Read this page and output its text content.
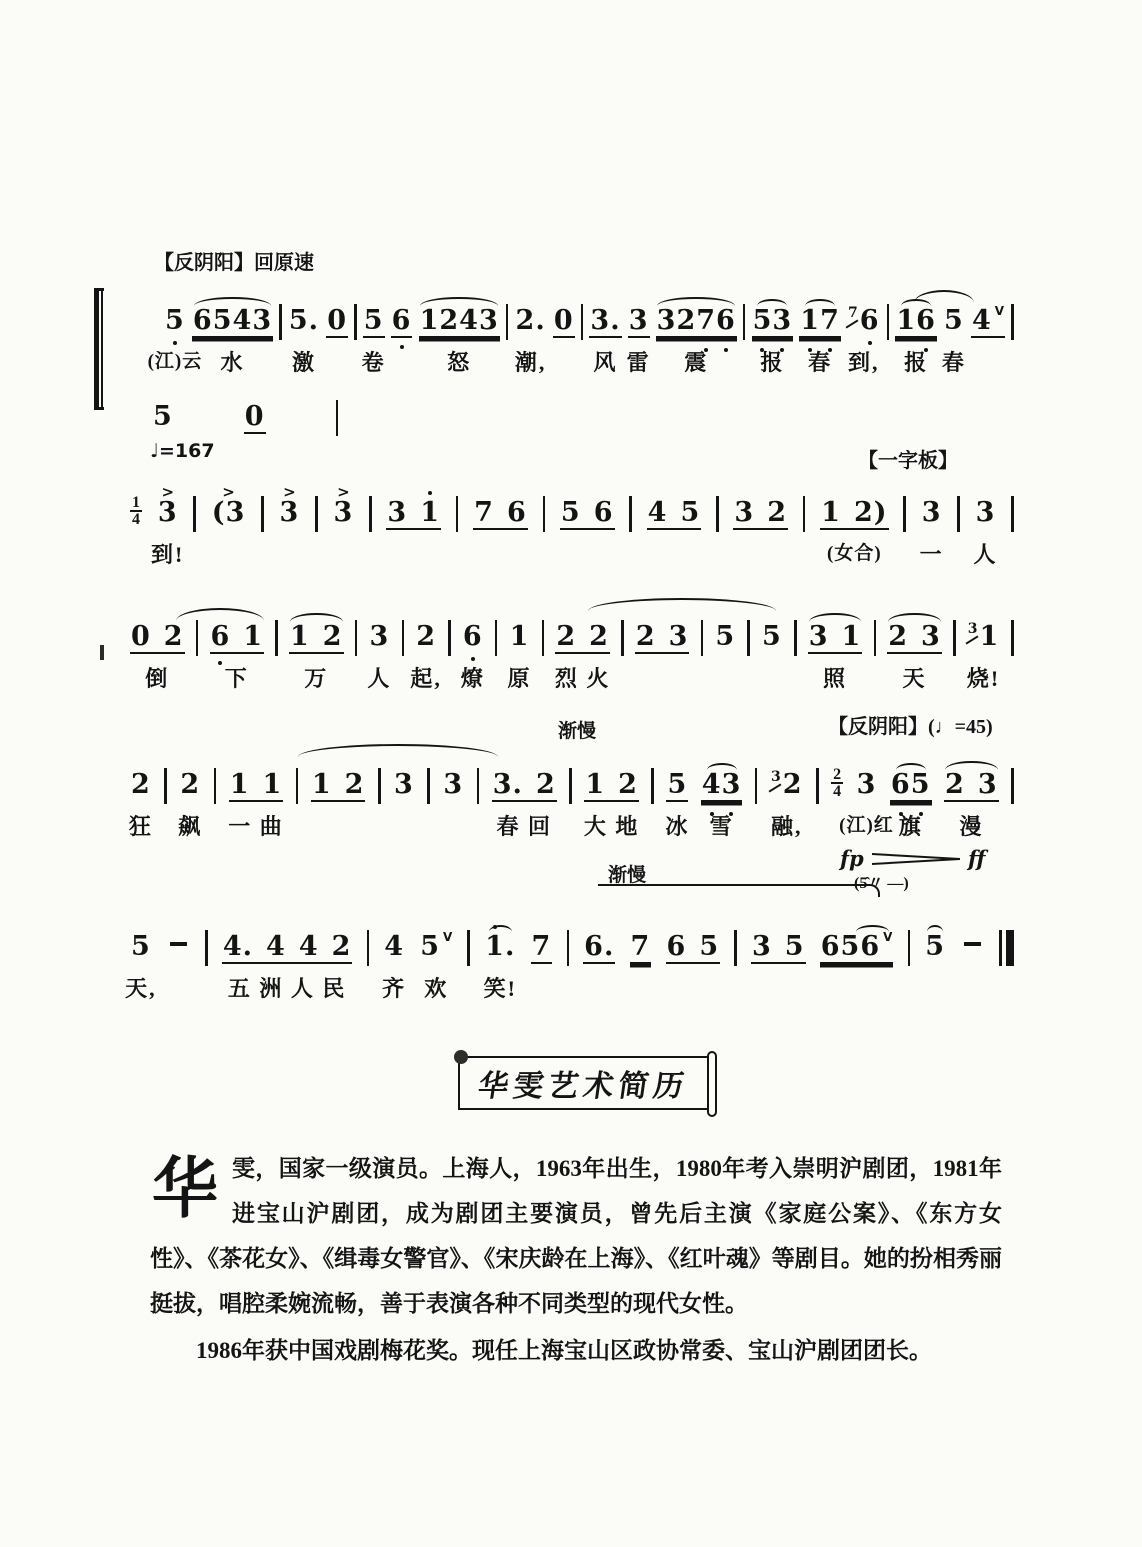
【反阴阳】回原速
5
(江)云
6 5 4 3
水
5 .
激
0 5
卷
6 1 2 4 3
怒
2 .
潮,
0 3 .
风
3
雷
3 2 7 6
震
5 3
报
1 7
春
7 6
到,
1 6
报
5
春
4 V
5	0
♩=167	【一字板】
1
4
>
3
到!
>
( 3
>
3
>
3 3 1 7 6 5 6 4 5 3 2 1 2 )
(女合)
3
一
3
人
0 2
倒
6 1
下
1 2
万
3
人
2
起,
6
燎
1
原
2 2
烈 火
2 3 5 5 3 1
照
2 3
天
3 1
烧!
渐慢	【反阴阳】(♩=45)
2
狂
2
飙
1 1
一 曲
1 2 3 3 3 . 2
春 回
1 2
大 地
5
冰
4 3
雪
3 2
融,
2
4 3
(江)红
6 5
旗
2 3
漫
渐慢
fp	ff
(5̂〃 —)
5
天,
4 . 4 4 2
五 洲 人 民
4
齐
5 V
欢
1 .
笑!
7 6 . 7 6 5 3 5 6 5 6 V 5
华雯艺术简历

华雯，国家一级演员。上海人，1963年出生，1980年考入崇明沪剧团，1981年进宝山沪剧团，成为剧团主要演员，曾先后主演《家庭公案》、《东方女性》、《茶花女》、《缉毒女警官》、《宋庆龄在上海》、《红叶魂》等剧目。她的扮相秀丽挺拔，唱腔柔婉流畅，善于表演各种不同类型的现代女性。

1986年获中国戏剧梅花奖。现任上海宝山区政协常委、宝山沪剧团团长。
